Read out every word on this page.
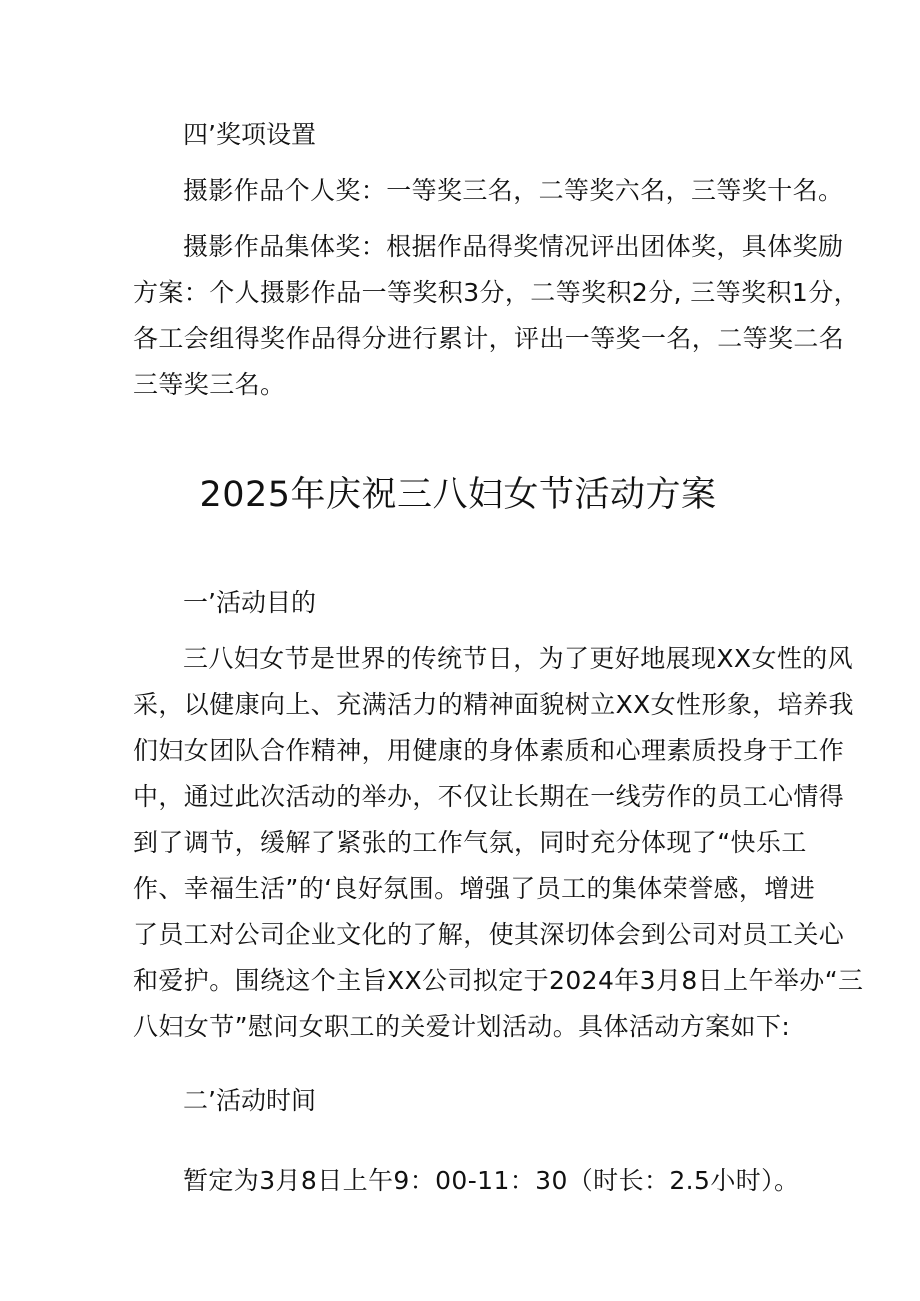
四’奖项设置
摄影作品个人奖：一等奖三名，二等奖六名，三等奖十名。
摄影作品集体奖：根据作品得奖情况评出团体奖，具体奖励
方案：个人摄影作品一等奖积3分，二等奖积2分, 三等奖积1分，
各工会组得奖作品得分进行累计，评出一等奖一名，二等奖二名
三等奖三名。
2025年庆祝三八妇女节活动方案
一’活动目的
三八妇女节是世界的传统节日，为了更好地展现XX女性的风
采，以健康向上、充满活力的精神面貌树立XX女性形象，培养我
们妇女团队合作精神，用健康的身体素质和心理素质投身于工作
中，通过此次活动的举办，不仅让长期在一线劳作的员工心情得
到了调节，缓解了紧张的工作气氛，同时充分体现了“快乐工
作、幸福生活”的‘良好氛围。增强了员工的集体荣誉感，增进
了员工对公司企业文化的了解，使其深切体会到公司对员工关心
和爱护。围绕这个主旨XX公司拟定于2024年3月8日上午举办“三
八妇女节”慰问女职工的关爱计划活动。具体活动方案如下:
二’活动时间
暂定为3月8日上午9：00-11：30（时长：2.5小时）。
